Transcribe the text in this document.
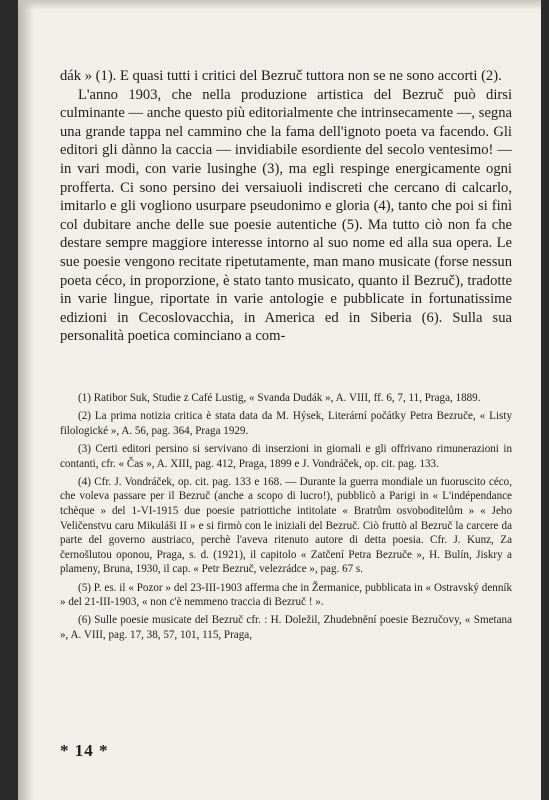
dák » (1). E quasi tutti i critici del Bezruč tuttora non se ne sono accorti (2).

L'anno 1903, che nella produzione artistica del Bezruč può dirsi culminante — anche questo più editorialmente che intrinsecamente —, segna una grande tappa nel cammino che la fama dell'ignoto poeta va facendo. Gli editori gli dànno la caccia — invidiabile esordiente del secolo ventesimo! — in vari modi, con varie lusinghe (3), ma egli respinge energicamente ogni profferta. Ci sono persino dei versaiuoli indiscreti che cercano di calcarlo, imitarlo e gli vogliono usurpare pseudonimo e gloria (4), tanto che poi si finì col dubitare anche delle sue poesie autentiche (5). Ma tutto ciò non fa che destare sempre maggiore interesse intorno al suo nome ed alla sua opera. Le sue poesie vengono recitate ripetutamente, man mano musicate (forse nessun poeta céco, in proporzione, è stato tanto musicato, quanto il Bezruč), tradotte in varie lingue, riportate in varie antologie e pubblicate in fortunatissime edizioni in Cecoslovacchia, in America ed in Siberia (6). Sulla sua personalità poetica cominciano a com-

(1) Ratibor Suk, Studie z Café Lustig, « Svanda Dudák », A. VIII, ff. 6, 7, 11, Praga, 1889.

(2) La prima notizia critica è stata data da M. Hýsek, Literární počátky Petra Bezruče, « Listy filologické », A. 56, pag. 364, Praga 1929.

(3) Certi editori persino si servivano di inserzioni in giornali e gli offrivano rimunerazioni in contanti, cfr. « Čas », A. XIII, pag. 412, Praga, 1899 e J. Vondráček, op. cit. pag. 133.

(4) Cfr. J. Vondráček, op. cit. pag. 133 e 168. — Durante la guerra mondiale un fuoruscito céco, che voleva passare per il Bezruč (anche a scopo di lucro!), pubblicò a Parigi in « L'indépendance tchèque » del 1-VI-1915 due poesie patriottiche intitolate « Bratrům osvoboditelům » « Jeho Veličenstvu caru Mikuláši II » e si firmò con le iniziali del Bezruč. Ciò fruttò al Bezruč la carcere da parte del governo austriaco, perchè l'aveva ritenuto autore di detta poesia. Cfr. J. Kunz, Za černošlutou oponou, Praga, s. d. (1921), il capitolo « Zatčení Petra Bezruče », H. Bulín, Jiskry a plameny, Bruna, 1930, il cap. « Petr Bezruč, velezrádce », pag. 67 s.

(5) P. es. il « Pozor » del 23-III-1903 afferma che in Žermanice, pubblicata in « Ostravský denník » del 21-III-1903, « non c'è nemmeno traccia di Bezruč ! ».

(6) Sulle poesie musicate del Bezruč cfr. : H. Doležil, Zhudebnění poesie Bezručovy, « Smetana », A. VIII, pag. 17, 38, 57, 101, 115, Praga,

* 14 *
